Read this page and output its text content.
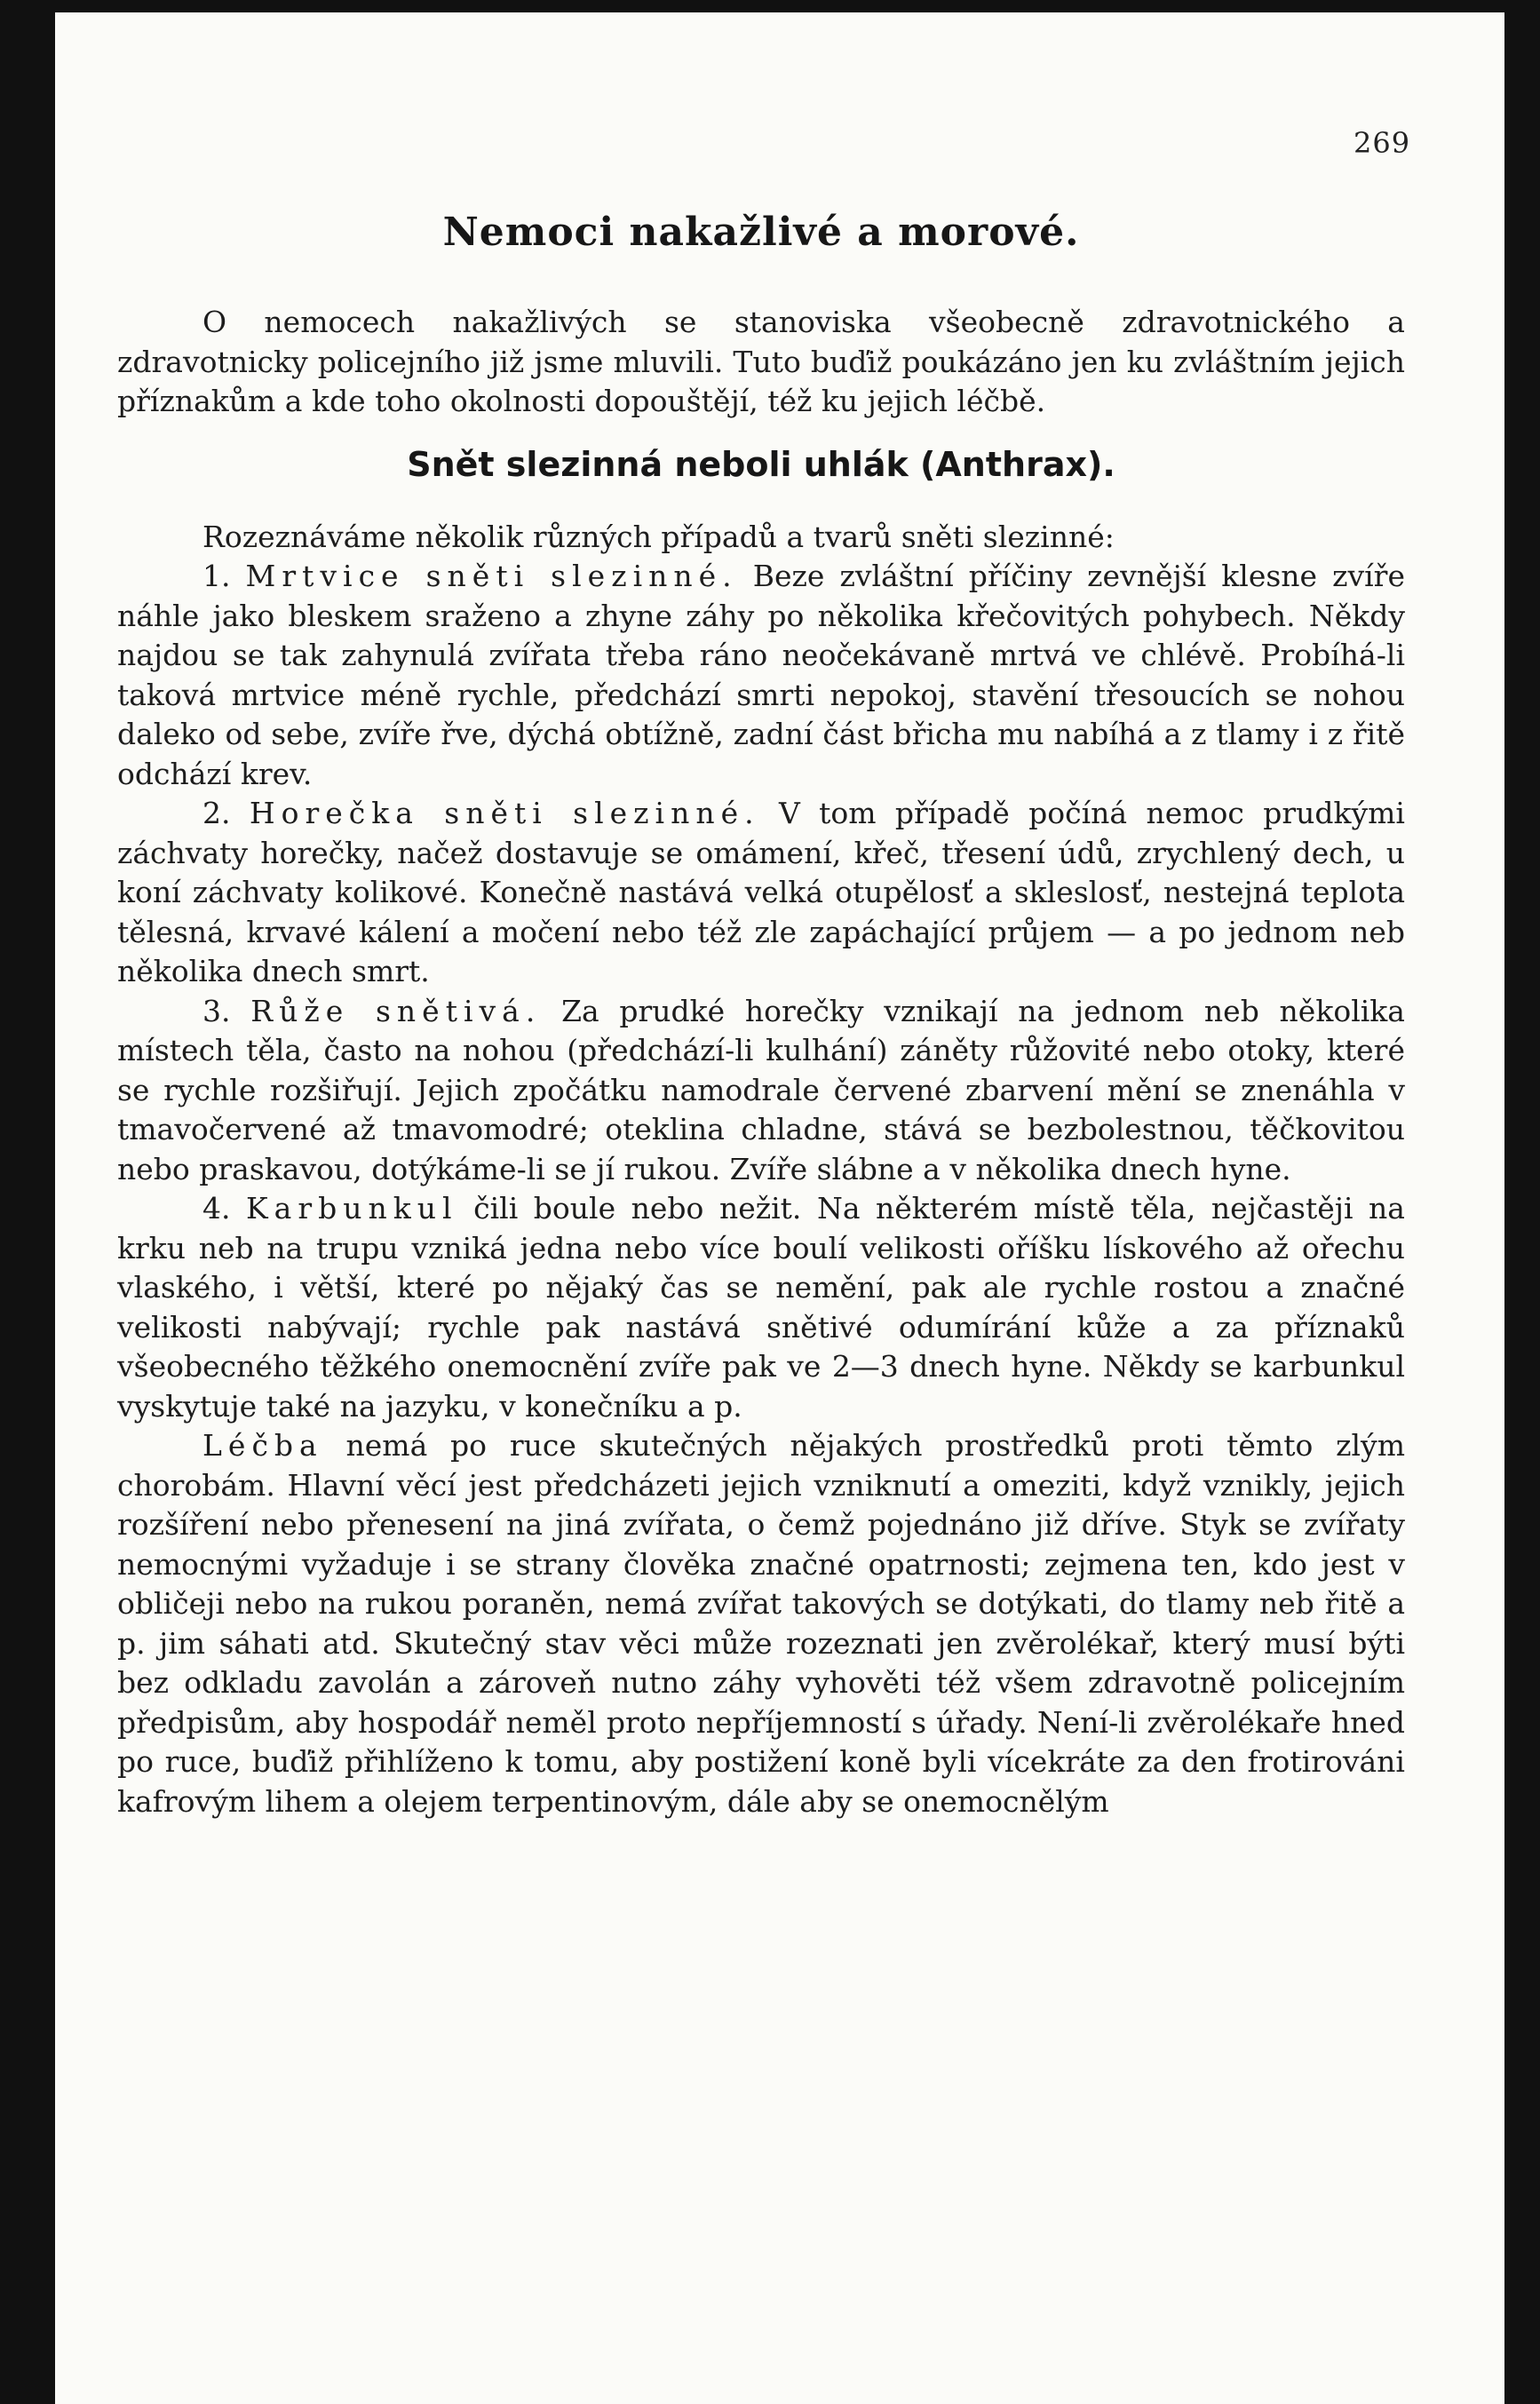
269
Nemoci nakažlivé a morové.

O nemocech nakažlivých se stanoviska všeobecně zdravotnického a zdravotnicky policejního již jsme mluvili. Tuto buďiž poukázáno jen ku zvláštním jejich příznakům a kde toho okolnosti dopouštějí, též ku jejich léčbě.

Snět slezinná neboli uhlák (Anthrax).

Rozeznáváme několik různých případů a tvarů sněti slezinné:

1. Mrtvice sněti slezinné. Beze zvláštní příčiny zevnější klesne zvíře náhle jako bleskem sraženo a zhyne záhy po několika křečovitých pohybech. Někdy najdou se tak zahynulá zvířata třeba ráno neočekávaně mrtvá ve chlévě. Probíhá-li taková mrtvice méně rychle, předchází smrti nepokoj, stavění třesoucích se nohou daleko od sebe, zvíře řve, dýchá obtížně, zadní část břicha mu nabíhá a z tlamy i z řitě odchází krev.

2. Horečka sněti slezinné. V tom případě počíná nemoc prudkými záchvaty horečky, načež dostavuje se omámení, křeč, třesení údů, zrychlený dech, u koní záchvaty kolikové. Konečně nastává velká otupělosť a skleslosť, nestejná teplota tělesná, krvavé kálení a močení nebo též zle zapáchající průjem — a po jednom neb několika dnech smrt.

3. Růže snětivá. Za prudké horečky vznikají na jednom neb několika místech těla, často na nohou (předchází-li kulhání) záněty růžovité nebo otoky, které se rychle rozšiřují. Jejich zpočátku namodrale červené zbarvení mění se znenáhla v tmavočervené až tmavomodré; oteklina chladne, stává se bezbolestnou, těčkovitou nebo praskavou, dotýkáme-li se jí rukou. Zvíře slábne a v několika dnech hyne.

4. Karbunkul čili boule nebo nežit. Na některém místě těla, nejčastěji na krku neb na trupu vzniká jedna nebo více boulí velikosti oříšku lískového až ořechu vlaského, i větší, které po nějaký čas se nemění, pak ale rychle rostou a značné velikosti nabývají; rychle pak nastává snětivé odumírání kůže a za příznaků všeobecného těžkého onemocnění zvíře pak ve 2—3 dnech hyne. Někdy se karbunkul vyskytuje také na jazyku, v konečníku a p.

Léčba nemá po ruce skutečných nějakých prostředků proti těmto zlým chorobám. Hlavní věcí jest předcházeti jejich vzniknutí a omeziti, když vznikly, jejich rozšíření nebo přenesení na jiná zvířata, o čemž pojednáno již dříve. Styk se zvířaty nemocnými vyžaduje i se strany člověka značné opatrnosti; zejmena ten, kdo jest v obličeji nebo na rukou poraněn, nemá zvířat takových se dotýkati, do tlamy neb řitě a p. jim sáhati atd. Skutečný stav věci může rozeznati jen zvěrolékař, který musí býti bez odkladu zavolán a zároveň nutno záhy vyhověti též všem zdravotně policejním předpisům, aby hospodář neměl proto nepříjemností s úřady. Není-li zvěrolékaře hned po ruce, buďiž přihlíženo k tomu, aby postižení koně byli vícekráte za den frotirováni kafrovým lihem a olejem terpentinovým, dále aby se onemocnělým
